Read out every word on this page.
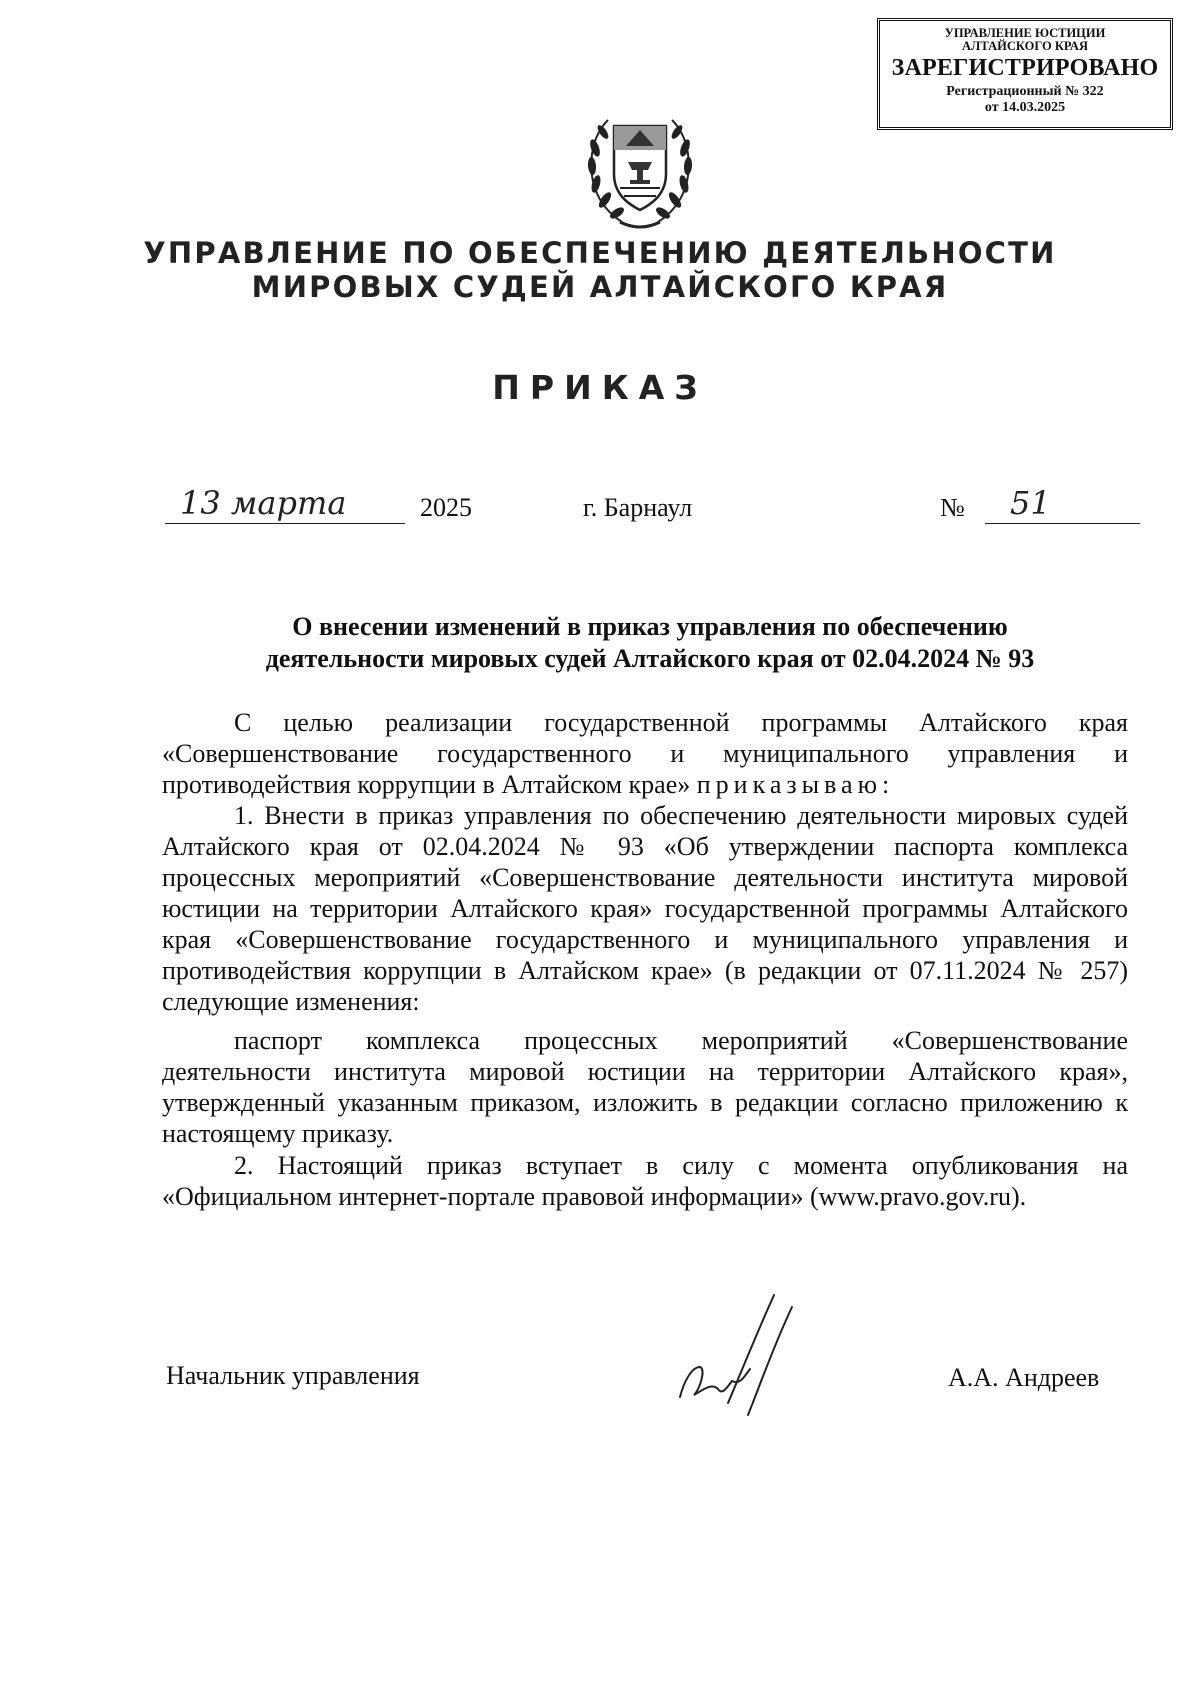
УПРАВЛЕНИЕ ЮСТИЦИИ
АЛТАЙСКОГО КРАЯ
ЗАРЕГИСТРИРОВАНО
Регистрационный № 322
от 14.03.2025
УПРАВЛЕНИЕ ПО ОБЕСПЕЧЕНИЮ ДЕЯТЕЛЬНОСТИ
МИРОВЫХ СУДЕЙ АЛТАЙСКОГО КРАЯ
ПРИКАЗ
13 марта	2025	г. Барнаул	№ 51
О внесении изменений в приказ управления по обеспечению
деятельности мировых судей Алтайского края от 02.04.2024 № 93

С целью реализации государственной программы Алтайского края «Совершенствование государственного и муниципального управления и противодействия коррупции в Алтайском крае» приказываю:

1. Внести в приказ управления по обеспечению деятельности мировых судей Алтайского края от 02.04.2024 № 93 «Об утверждении паспорта комплекса процессных мероприятий «Совершенствование деятельности института мировой юстиции на территории Алтайского края» государственной программы Алтайского края «Совершенствование государственного и муниципального управления и противодействия коррупции в Алтайском крае» (в редакции от 07.11.2024 № 257) следующие изменения:

паспорт комплекса процессных мероприятий «Совершенствование деятельности института мировой юстиции на территории Алтайского края», утвержденный указанным приказом, изложить в редакции согласно приложению к настоящему приказу.

2. Настоящий приказ вступает в силу с момента опубликования на «Официальном интернет-портале правовой информации» (www.pravo.gov.ru).

Начальник управления	А.А. Андреев
